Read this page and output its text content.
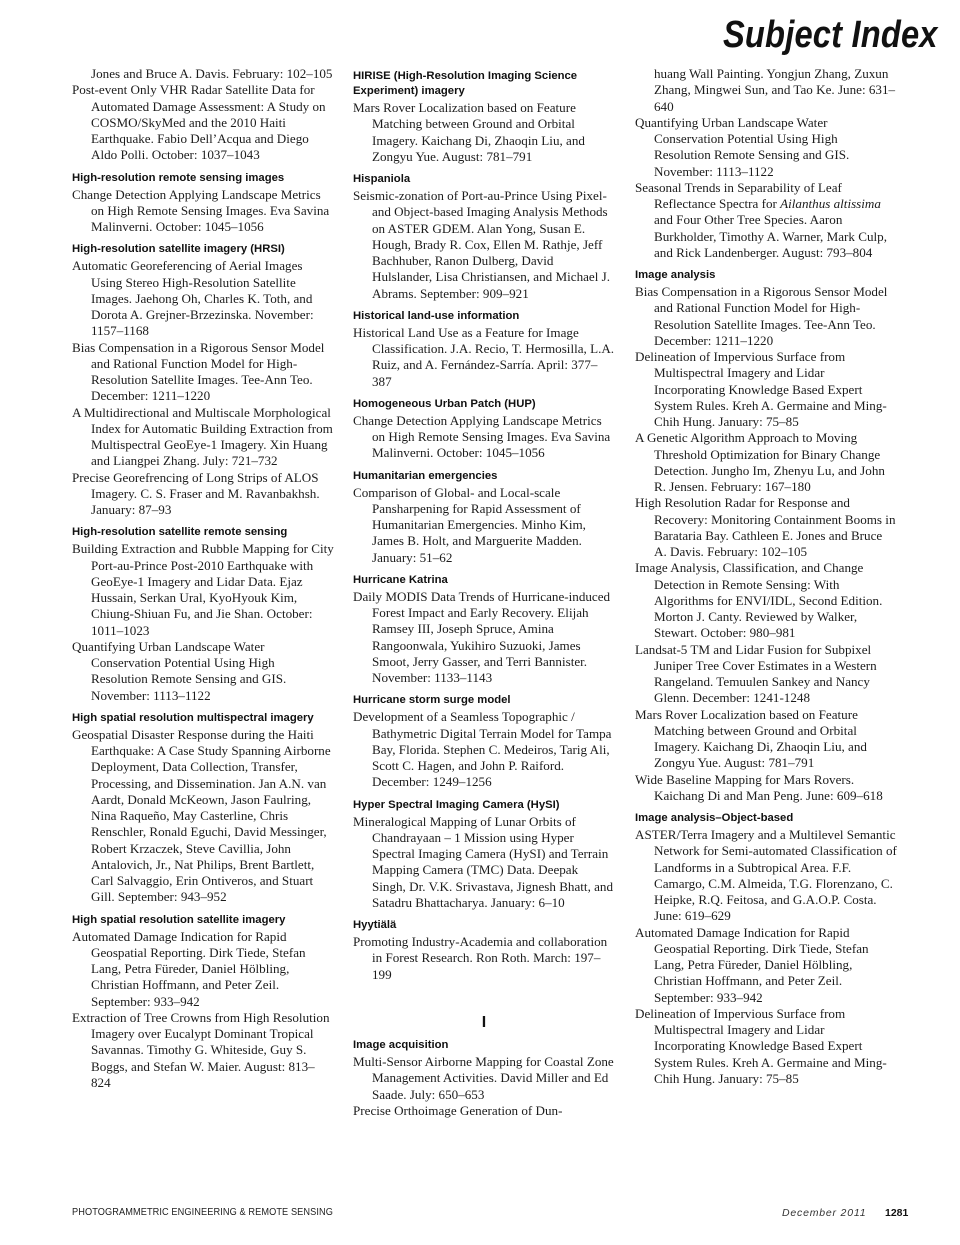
Subject Index

Jones and Bruce A. Davis. February: 102–105

Post-event Only VHR Radar Satellite Data for Automated Damage Assessment: A Study on COSMO/SkyMed and the 2010 Haiti Earthquake. Fabio Dell’Acqua and Diego Aldo Polli. October: 1037–1043

High-resolution remote sensing images

Change Detection Applying Landscape Metrics on High Remote Sensing Images. Eva Savina Malinverni. October: 1045–1056

High-resolution satellite imagery (HRSI)

Automatic Georeferencing of Aerial Images Using Stereo High-Resolution Satellite Images. Jaehong Oh, Charles K. Toth, and Dorota A. Grejner-Brzezinska. November: 1157–1168

Bias Compensation in a Rigorous Sensor Model and Rational Function Model for High-Resolution Satellite Images. Tee-Ann Teo. December: 1211–1220

A Multidirectional and Multiscale Morphological Index for Automatic Building Extraction from Multispectral GeoEye-1 Imagery. Xin Huang and Liangpei Zhang. July: 721–732

Precise Georefrencing of Long Strips of ALOS Imagery. C. S. Fraser and M. Ravanbakhsh. January: 87–93

High-resolution satellite remote sensing

Building Extraction and Rubble Mapping for City Port-au-Prince Post-2010 Earthquake with GeoEye-1 Imagery and Lidar Data. Ejaz Hussain, Serkan Ural, KyoHyouk Kim, Chiung-Shiuan Fu, and Jie Shan. October: 1011–1023

Quantifying Urban Landscape Water Conservation Potential Using High Resolution Remote Sensing and GIS. November: 1113–1122

High spatial resolution multispectral imagery

Geospatial Disaster Response during the Haiti Earthquake: A Case Study Spanning Airborne Deployment, Data Collection, Transfer, Processing, and Dissemination. Jan A.N. van Aardt, Donald McKeown, Jason Faulring, Nina Raqueño, May Casterline, Chris Renschler, Ronald Eguchi, David Messinger, Robert Krzaczek, Steve Cavillia, John Antalovich, Jr., Nat Philips, Brent Bartlett, Carl Salvaggio, Erin Ontiveros, and Stuart Gill. September: 943–952

High spatial resolution satellite imagery

Automated Damage Indication for Rapid Geospatial Reporting. Dirk Tiede, Stefan Lang, Petra Füreder, Daniel Hölbling, Christian Hoffmann, and Peter Zeil. September: 933–942

Extraction of Tree Crowns from High Resolution Imagery over Eucalypt Dominant Tropical Savannas. Timothy G. Whiteside, Guy S. Boggs, and Stefan W. Maier. August: 813–824

HIRISE (High-Resolution Imaging Science Experiment) imagery

Mars Rover Localization based on Feature Matching between Ground and Orbital Imagery. Kaichang Di, Zhaoqin Liu, and Zongyu Yue. August: 781–791

Hispaniola

Seismic-zonation of Port-au-Prince Using Pixel- and Object-based Imaging Analysis Methods on ASTER GDEM. Alan Yong, Susan E. Hough, Brady R. Cox, Ellen M. Rathje, Jeff Bachhuber, Ranon Dulberg, David Hulslander, Lisa Christiansen, and Michael J. Abrams. September: 909–921

Historical land-use information

Historical Land Use as a Feature for Image Classification. J.A. Recio, T. Hermosilla, L.A. Ruiz, and A. Fernández-Sarría. April: 377–387

Homogeneous Urban Patch (HUP)

Change Detection Applying Landscape Metrics on High Remote Sensing Images. Eva Savina Malinverni. October: 1045–1056

Humanitarian emergencies

Comparison of Global- and Local-scale Pansharpening for Rapid Assessment of Humanitarian Emergencies. Minho Kim, James B. Holt, and Marguerite Madden. January: 51–62

Hurricane Katrina

Daily MODIS Data Trends of Hurricane-induced Forest Impact and Early Recovery. Elijah Ramsey III, Joseph Spruce, Amina Rangoonwala, Yukihiro Suzuoki, James Smoot, Jerry Gasser, and Terri Bannister. November: 1133–1143

Hurricane storm surge model

Development of a Seamless Topographic / Bathymetric Digital Terrain Model for Tampa Bay, Florida. Stephen C. Medeiros, Tarig Ali, Scott C. Hagen, and John P. Raiford. December: 1249–1256

Hyper Spectral Imaging Camera (HySI)

Mineralogical Mapping of Lunar Orbits of Chandrayaan – 1 Mission using Hyper Spectral Imaging Camera (HySI) and Terrain Mapping Camera (TMC) Data. Deepak Singh, Dr. V.K. Srivastava, Jignesh Bhatt, and Satadru Bhattacharya. January: 6–10

Hyytiälä

Promoting Industry-Academia and collaboration in Forest Research. Ron Roth. March: 197–199

I
Image acquisition

Multi-Sensor Airborne Mapping for Coastal Zone Management Activities. David Miller and Ed Saade. July: 650–653

Precise Orthoimage Generation of Dun-

huang Wall Painting. Yongjun Zhang, Zuxun Zhang, Mingwei Sun, and Tao Ke. June: 631–640

Quantifying Urban Landscape Water Conservation Potential Using High Resolution Remote Sensing and GIS. November: 1113–1122

Seasonal Trends in Separability of Leaf Reflectance Spectra for Ailanthus altissima and Four Other Tree Species. Aaron Burkholder, Timothy A. Warner, Mark Culp, and Rick Landenberger. August: 793–804

Image analysis

Bias Compensation in a Rigorous Sensor Model and Rational Function Model for High-Resolution Satellite Images. Tee-Ann Teo. December: 1211–1220

Delineation of Impervious Surface from Multispectral Imagery and Lidar Incorporating Knowledge Based Expert System Rules. Kreh A. Germaine and Ming-Chih Hung. January: 75–85

A Genetic Algorithm Approach to Moving Threshold Optimization for Binary Change Detection. Jungho Im, Zhenyu Lu, and John R. Jensen. February: 167–180

High Resolution Radar for Response and Recovery: Monitoring Containment Booms in Barataria Bay. Cathleen E. Jones and Bruce A. Davis. February: 102–105

Image Analysis, Classification, and Change Detection in Remote Sensing: With Algorithms for ENVI/IDL, Second Edition. Morton J. Canty. Reviewed by Walker, Stewart. October: 980–981

Landsat-5 TM and Lidar Fusion for Subpixel Juniper Tree Cover Estimates in a Western Rangeland. Temuulen Sankey and Nancy Glenn. December: 1241-1248

Mars Rover Localization based on Feature Matching between Ground and Orbital Imagery. Kaichang Di, Zhaoqin Liu, and Zongyu Yue. August: 781–791

Wide Baseline Mapping for Mars Rovers. Kaichang Di and Man Peng. June: 609–618

Image analysis–Object-based

ASTER/Terra Imagery and a Multilevel Semantic Network for Semi-automated Classification of Landforms in a Subtropical Area. F.F. Camargo, C.M. Almeida, T.G. Florenzano, C. Heipke, R.Q. Feitosa, and G.A.O.P. Costa. June: 619–629

Automated Damage Indication for Rapid Geospatial Reporting. Dirk Tiede, Stefan Lang, Petra Füreder, Daniel Hölbling, Christian Hoffmann, and Peter Zeil. September: 933–942

Delineation of Impervious Surface from Multispectral Imagery and Lidar Incorporating Knowledge Based Expert System Rules. Kreh A. Germaine and Ming-Chih Hung. January: 75–85

PHOTOGRAMMETRIC ENGINEERING & REMOTE SENSING	December 2011 1281
